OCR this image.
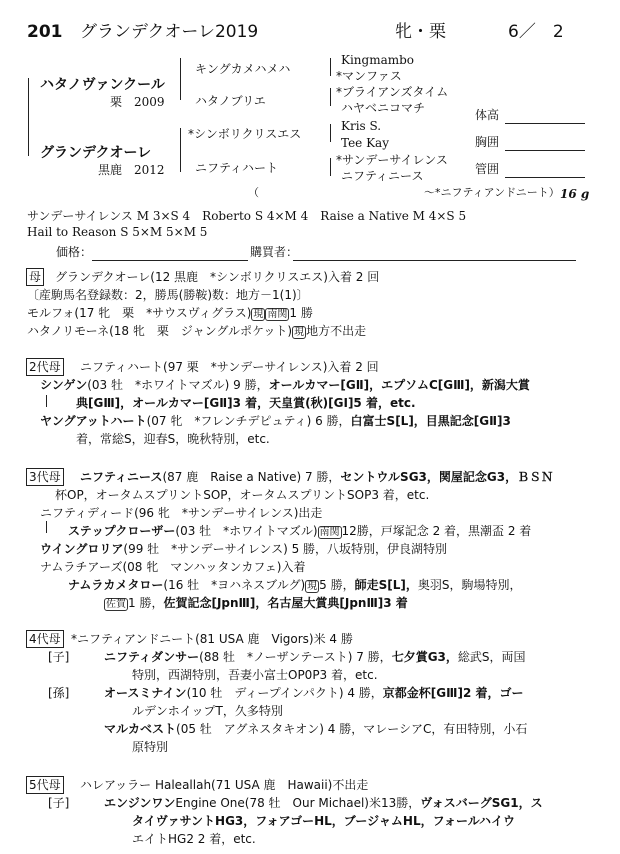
201 グランデクオーレ2019	牝・栗	6／　2
ハタノヴァンクール
栗　2009
グランデクオーレ
黒鹿　2012
キングカメハメハ
ハタノブリエ
*シンボリクリスエス
ニフティハート
Kingmambo
*マンファス
*ブライアンズタイム
ハヤベニコマチ
Kris S.
Tee Kay
*サンデーサイレンス
ニフティニース
体高
胸囲
管囲
（　　　　　　　　　　　　　　　～*ニフティアンドニート） 16 g
サンデーサイレンス M 3×S 4　Roberto S 4×M 4　Raise a Native M 4×S 5
Hail to Reason S 5×M 5×M 5
価格：	購買者：
母 グランデクオーレ(12 黒鹿　*シンボリクリスエス)入着 2 回
〔産駒馬名登録数：2，勝馬(勝鞍)数：地方－1(1)〕
モルフォ(17 牝　栗　*サウスヴィグラス) 現 南関 1 勝
ハタノリモーネ(18 牝　栗　ジャングルポケット) 現 地方不出走
2代母 ニフティハート(97 栗　*サンデーサイレンス)入着 2 回
シンゲン(03 牡　*ホワイトマズル) 9 勝，オールカマー[GⅡ]，エプソムC[GⅢ]，新潟大賞
典[GⅢ]，オールカマー[GⅡ]3 着，天皇賞(秋)[GⅠ]5 着，etc.
ヤングアットハート(07 牝　*フレンチデピュティ) 6 勝，白富士S[L]，目黒記念[GⅡ]3
着，常総S，迎春S，晩秋特別，etc.
3代母 ニフティニース(87 鹿　Raise a Native) 7 勝，セントウルSG3，関屋記念G3，ＢＳＮ
杯OP，オータムスプリントSOP，オータムスプリントSOP3 着，etc.
ニフティディード(96 牝　*サンデーサイレンス)出走
ステップクローザー(03 牡　*ホワイトマズル) 南関 12勝，戸塚記念 2 着，黒潮盃 2 着
ウイングロリア(99 牡　*サンデーサイレンス) 5 勝，八坂特別，伊良湖特別
ナムラチアーズ(08 牝　マンハッタンカフェ)入着
ナムラカメタロー(16 牡　*ヨハネスブルグ) 現 5 勝，師走S[L]，奥羽S，駒場特別，
佐賀 1 勝，佐賀記念[JpnⅢ]，名古屋大賞典[JpnⅢ]3 着
4代母 *ニフティアンドニート(81 USA 鹿　Vigors)米 4 勝
[子]	ニフティダンサー(88 牡　*ノーザンテースト) 7 勝，七夕賞G3，総武S，両国
特別，西湖特別，吾妻小富士OP0P3 着，etc.
[孫]	オースミナイン(10 牡　ディープインパクト) 4 勝，京都金杯[GⅢ]2 着，ゴー
ルデンホイップT，久多特別
マルカベスト(05 牡　アグネスタキオン) 4 勝，マレーシアC，有田特別，小石
原特別
5代母 ハレアッラー Haleallah(71 USA 鹿　Hawaii)不出走
[子]	エンジンワンEngine One(78 牡　Our Michael)米13勝，ヴォスバーグSG1，ス
タイヴァサントHG3，フォアゴーHL，ブージャムHL，フォールハイウ
エイトHG2 2 着，etc.
